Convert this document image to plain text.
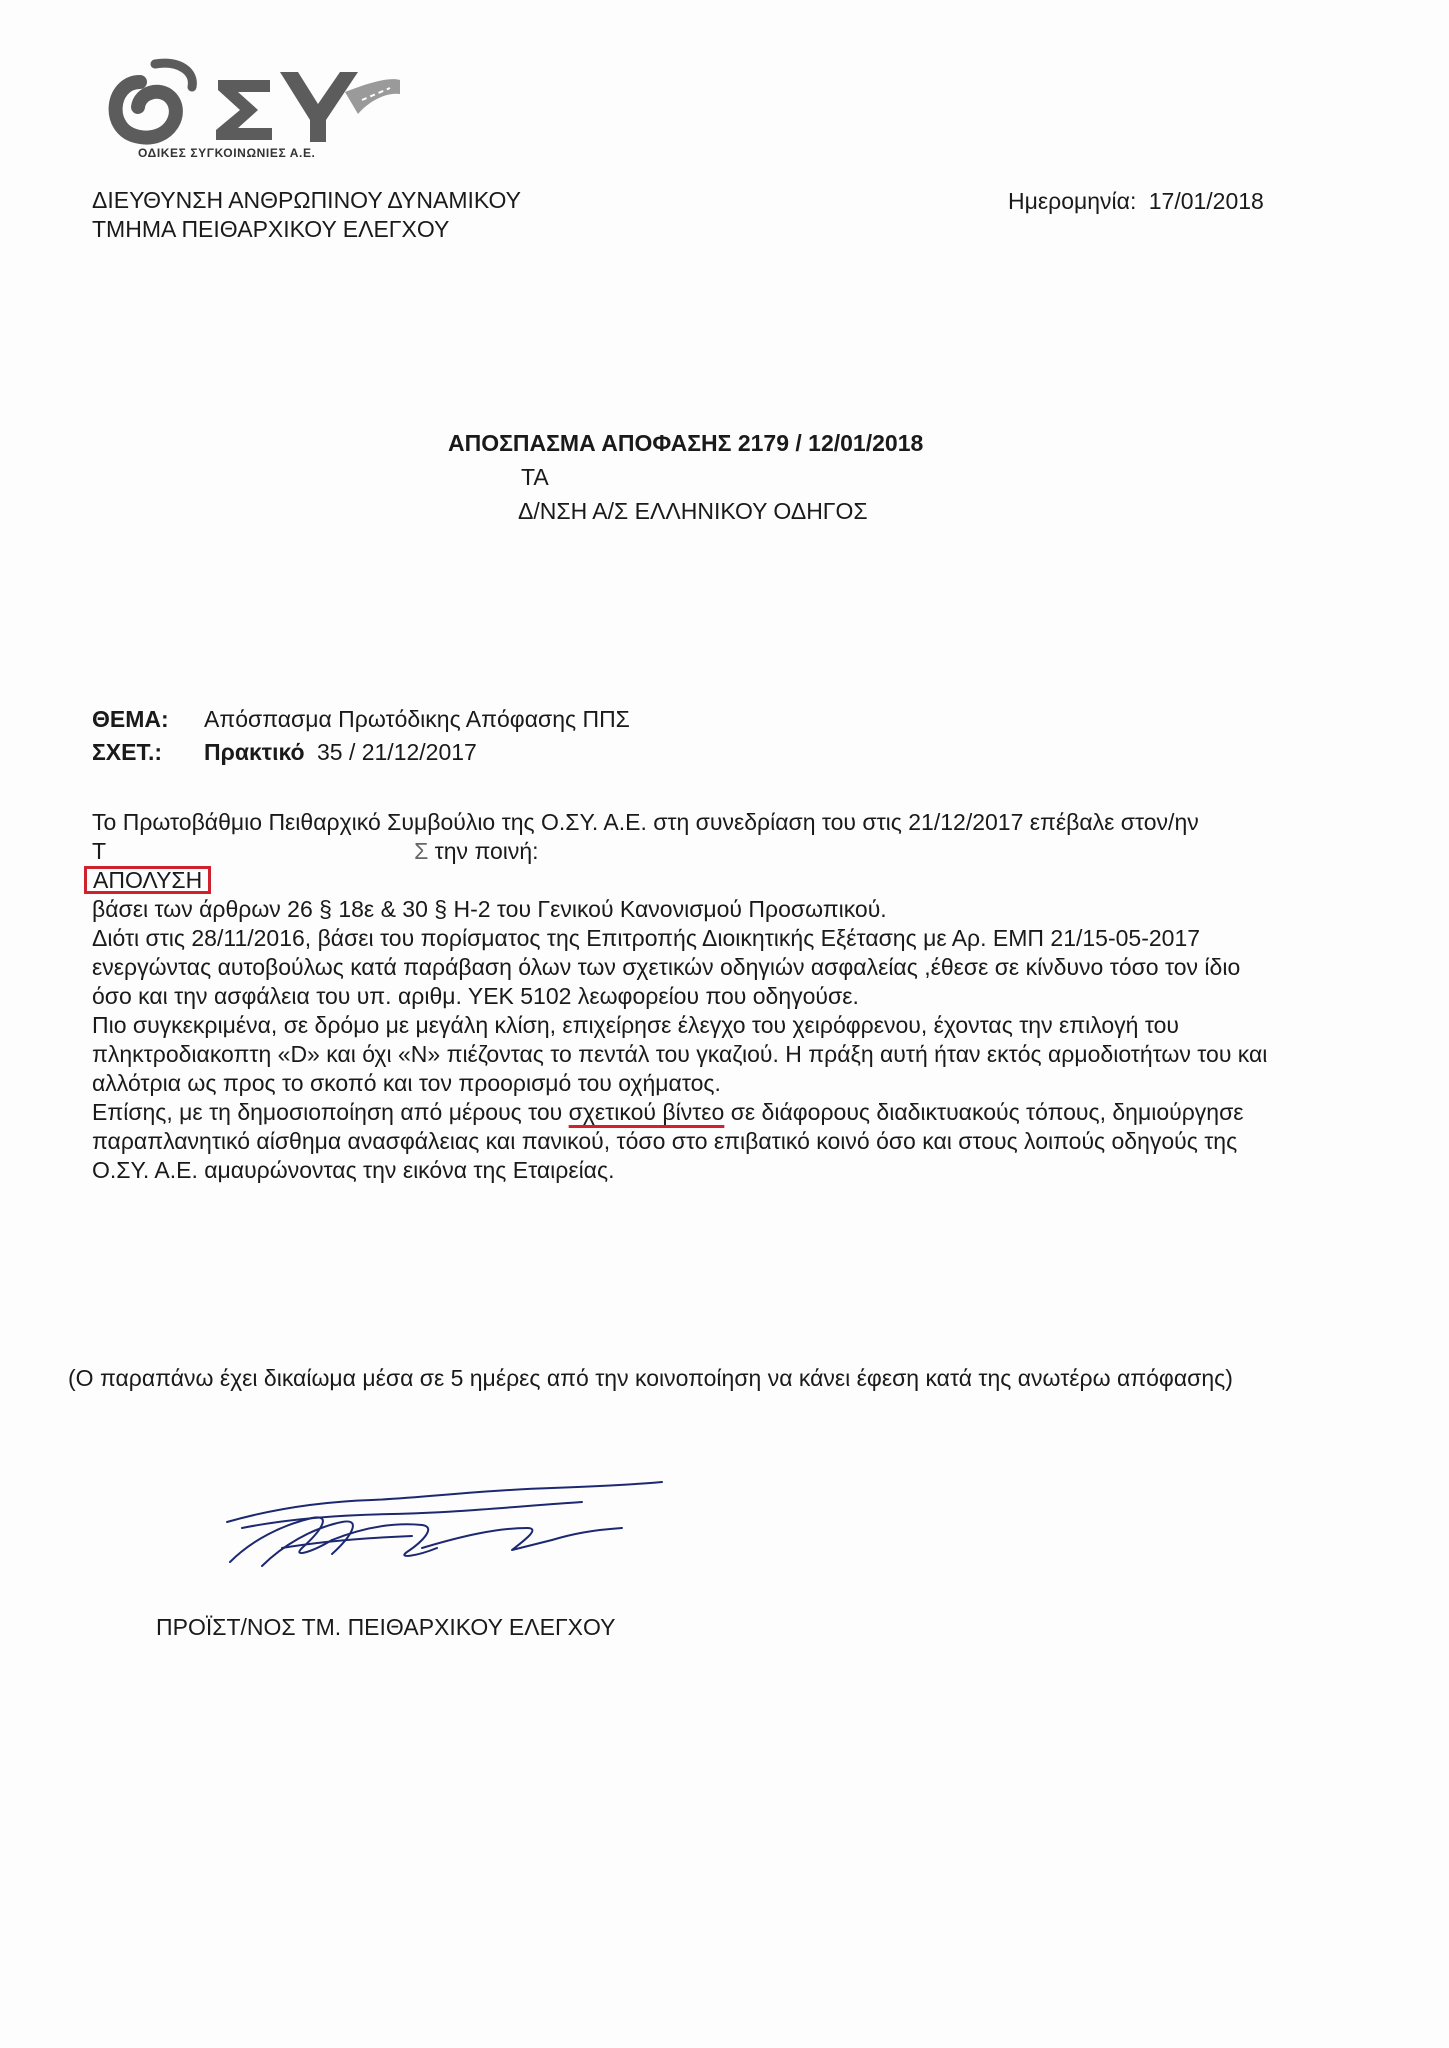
ΟΔΙΚΕΣ ΣΥΓΚΟΙΝΩΝΙΕΣ Α.Ε.
ΔΙΕΥΘΥΝΣΗ ΑΝΘΡΩΠΙΝΟΥ ΔΥΝΑΜΙΚΟΥ
ΤΜΗΜΑ ΠΕΙΘΑΡΧΙΚΟΥ ΕΛΕΓΧΟΥ
Ημερομηνία: 17/01/2018
ΑΠΟΣΠΑΣΜΑ ΑΠΟΦΑΣΗΣ 2179 / 12/01/2018
ΤΑ
Δ/ΝΣΗ Α/Σ ΕΛΛΗΝΙΚΟΥ ΟΔΗΓΟΣ
ΘΕΜΑ: Απόσπασμα Πρωτόδικης Απόφασης ΠΠΣ
ΣΧΕΤ.: Πρακτικό 35 / 21/12/2017
Το Πρωτοβάθμιο Πειθαρχικό Συμβούλιο της Ο.ΣΥ. Α.Ε. στη συνεδρίαση του στις 21/12/2017 επέβαλε στον/ην
Τ	Σ την ποινή:
ΑΠΟΛΥΣΗ
βάσει των άρθρων 26 § 18ε & 30 § Η-2 του Γενικού Κανονισμού Προσωπικού.
Διότι στις 28/11/2016, βάσει του πορίσματος της Επιτροπής Διοικητικής Εξέτασης με Αρ. ΕΜΠ 21/15-05-2017
ενεργώντας αυτοβούλως κατά παράβαση όλων των σχετικών οδηγιών ασφαλείας ,έθεσε σε κίνδυνο τόσο τον ίδιο
όσο και την ασφάλεια του υπ. αριθμ. ΥΕΚ 5102 λεωφορείου που οδηγούσε.
Πιο συγκεκριμένα, σε δρόμο με μεγάλη κλίση, επιχείρησε έλεγχο του χειρόφρενου, έχοντας την επιλογή του
πληκτροδιακοπτη «D» και όχι «Ν» πιέζοντας το πεντάλ του γκαζιού. Η πράξη αυτή ήταν εκτός αρμοδιοτήτων του και
αλλότρια ως προς το σκοπό και τον προορισμό του οχήματος.
Επίσης, με τη δημοσιοποίηση από μέρους του σχετικού βίντεο σε διάφορους διαδικτυακούς τόπους, δημιούργησε
παραπλανητικό αίσθημα ανασφάλειας και πανικού, τόσο στο επιβατικό κοινό όσο και στους λοιπούς οδηγούς της
Ο.ΣΥ. Α.Ε. αμαυρώνοντας την εικόνα της Εταιρείας.
(Ο παραπάνω έχει δικαίωμα μέσα σε 5 ημέρες από την κοινοποίηση να κάνει έφεση κατά της ανωτέρω απόφασης)
ΠΡΟΪΣΤ/ΝΟΣ ΤΜ. ΠΕΙΘΑΡΧΙΚΟΥ ΕΛΕΓΧΟΥ
